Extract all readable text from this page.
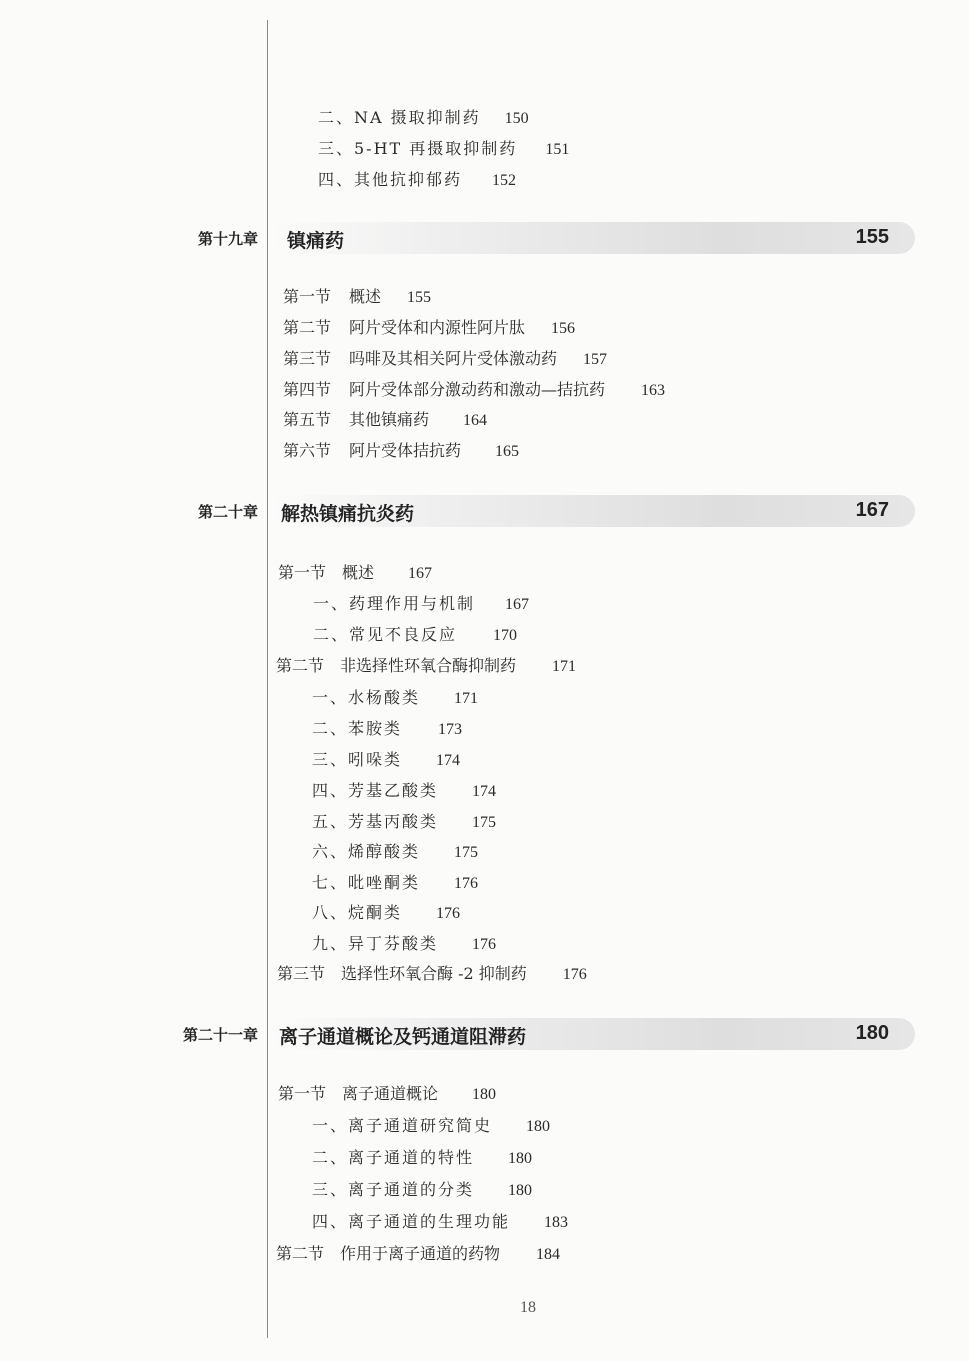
二、NA 摄取抑制药 150
三、5-HT 再摄取抑制药 151
四、其他抗抑郁药 152
第十九章 镇痛药	155
第一节 概述 155
第二节 阿片受体和内源性阿片肽 156
第三节 吗啡及其相关阿片受体激动药 157
第四节 阿片受体部分激动药和激动—拮抗药 163
第五节 其他镇痛药 164
第六节 阿片受体拮抗药 165
第二十章 解热镇痛抗炎药	167
第一节 概述 167
一、药理作用与机制 167
二、常见不良反应 170
第二节 非选择性环氧合酶抑制药 171
一、水杨酸类 171
二、苯胺类 173
三、吲哚类 174
四、芳基乙酸类 174
五、芳基丙酸类 175
六、烯醇酸类 175
七、吡唑酮类 176
八、烷酮类 176
九、异丁芬酸类 176
第三节 选择性环氧合酶 -2 抑制药 176
第二十一章 离子通道概论及钙通道阻滞药	180
第一节 离子通道概论 180
一、离子通道研究简史 180
二、离子通道的特性 180
三、离子通道的分类 180
四、离子通道的生理功能 183
第二节 作用于离子通道的药物 184
18
